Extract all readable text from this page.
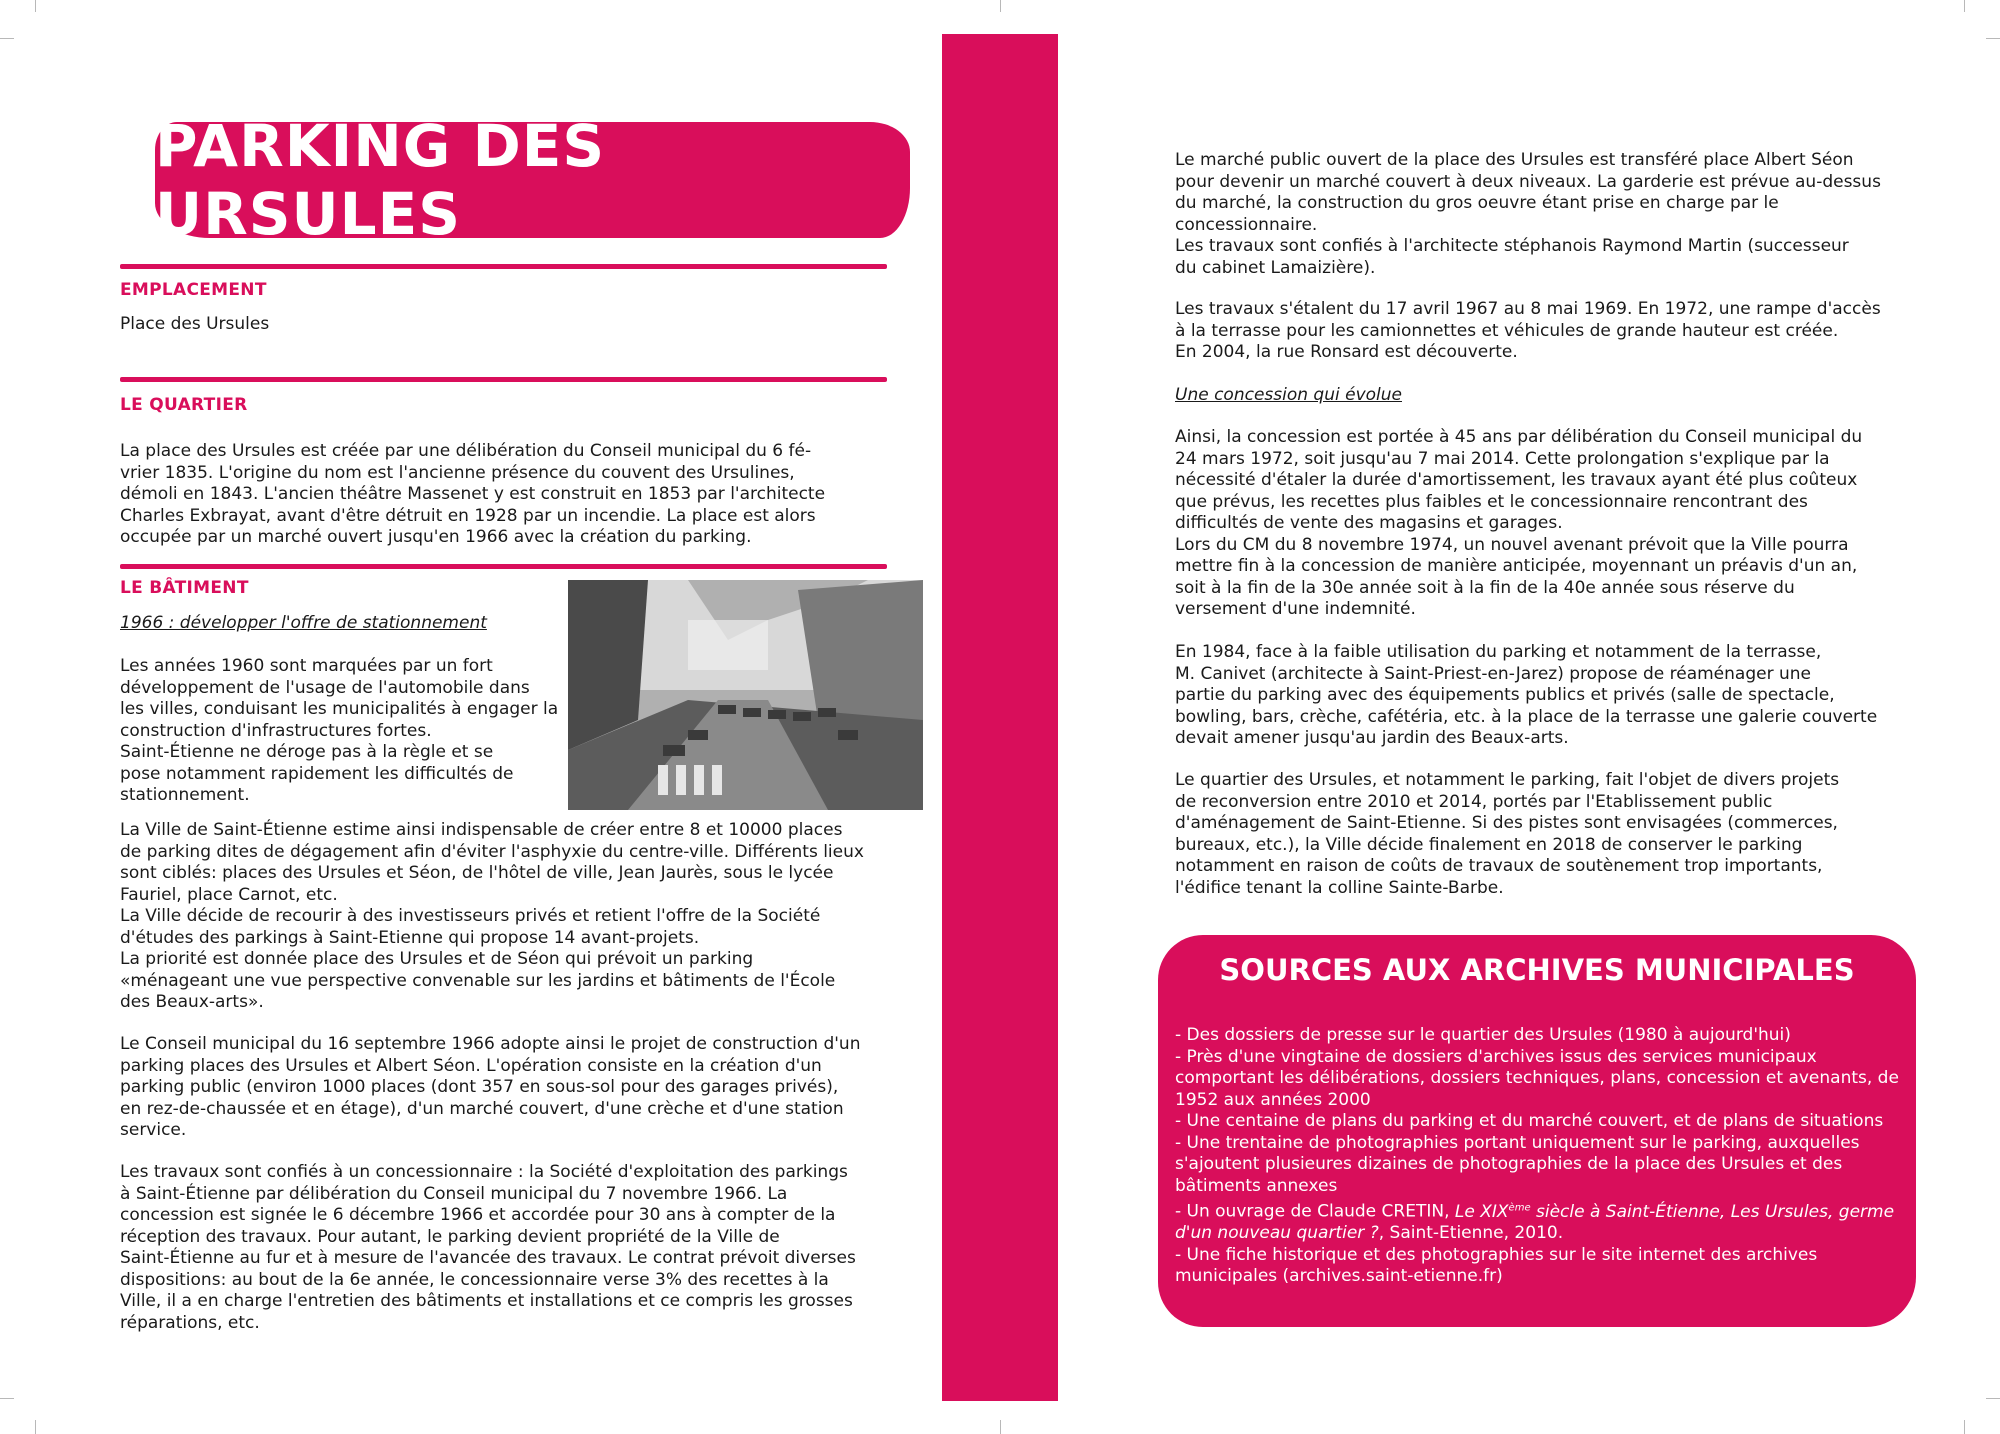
PARKING DES URSULES
EMPLACEMENT
Place des Ursules
LE QUARTIER
La place des Ursules est créée par une délibération du Conseil municipal du 6 fé-
vrier 1835. L'origine du nom est l'ancienne présence du couvent des Ursulines,
démoli en 1843. L'ancien théâtre Massenet y est construit en 1853 par l'architecte
Charles Exbrayat, avant d'être détruit en 1928 par un incendie. La place est alors
occupée par un marché ouvert jusqu'en 1966 avec la création du parking.
LE BÂTIMENT
1966 : développer l'offre de stationnement
Les années 1960 sont marquées par un fort
développement de l'usage de l'automobile dans
les villes, conduisant les municipalités à engager la
construction d'infrastructures fortes.
Saint-Étienne ne déroge pas à la règle et se
pose notamment rapidement les difficultés de
stationnement.
La Ville de Saint-Étienne estime ainsi indispensable de créer entre 8 et 10000 places
de parking dites de dégagement afin d'éviter l'asphyxie du centre-ville. Différents lieux
sont ciblés: places des Ursules et Séon, de l'hôtel de ville, Jean Jaurès, sous le lycée
Fauriel, place Carnot, etc.
La Ville décide de recourir à des investisseurs privés et retient l'offre de la Société
d'études des parkings à Saint-Etienne qui propose 14 avant-projets.
La priorité est donnée place des Ursules et de Séon qui prévoit un parking
«ménageant une vue perspective convenable sur les jardins et bâtiments de l'École
des Beaux-arts».
Le Conseil municipal du 16 septembre 1966 adopte ainsi le projet de construction d'un
parking places des Ursules et Albert Séon. L'opération consiste en la création d'un
parking public (environ 1000 places (dont 357 en sous-sol pour des garages privés),
en rez-de-chaussée et en étage), d'un marché couvert, d'une crèche et d'une station
service.
Les travaux sont confiés à un concessionnaire : la Société d'exploitation des parkings
à Saint-Étienne par délibération du Conseil municipal du 7 novembre 1966. La
concession est signée le 6 décembre 1966 et accordée pour 30 ans à compter de la
réception des travaux. Pour autant, le parking devient propriété de la Ville de
Saint-Étienne au fur et à mesure de l'avancée des travaux. Le contrat prévoit diverses
dispositions: au bout de la 6e année, le concessionnaire verse 3% des recettes à la
Ville, il a en charge l'entretien des bâtiments et installations et ce compris les grosses
réparations, etc.
Le marché public ouvert de la place des Ursules est transféré place Albert Séon
pour devenir un marché couvert à deux niveaux. La garderie est prévue au-dessus
du marché, la construction du gros oeuvre étant prise en charge par le
concessionnaire.
Les travaux sont confiés à l'architecte stéphanois Raymond Martin (successeur
du cabinet Lamaizière).
Les travaux s'étalent du 17 avril 1967 au 8 mai 1969. En 1972, une rampe d'accès
à la terrasse pour les camionnettes et véhicules de grande hauteur est créée.
En 2004, la rue Ronsard est découverte.
Une concession qui évolue
Ainsi, la concession est portée à 45 ans par délibération du Conseil municipal du
24 mars 1972, soit jusqu'au 7 mai 2014. Cette prolongation s'explique par la
nécessité d'étaler la durée d'amortissement, les travaux ayant été plus coûteux
que prévus, les recettes plus faibles et le concessionnaire rencontrant des
difficultés de vente des magasins et garages.
Lors du CM du 8 novembre 1974, un nouvel avenant prévoit que la Ville pourra
mettre fin à la concession de manière anticipée, moyennant un préavis d'un an,
soit à la fin de la 30e année soit à la fin de la 40e année sous réserve du
versement d'une indemnité.
En 1984, face à la faible utilisation du parking et notamment de la terrasse,
M. Canivet (architecte à Saint-Priest-en-Jarez) propose de réaménager une
partie du parking avec des équipements publics et privés (salle de spectacle,
bowling, bars, crèche, cafétéria, etc. à la place de la terrasse une galerie couverte
devait amener jusqu'au jardin des Beaux-arts.
Le quartier des Ursules, et notamment le parking, fait l'objet de divers projets
de reconversion entre 2010 et 2014, portés par l'Etablissement public
d'aménagement de Saint-Etienne. Si des pistes sont envisagées (commerces,
bureaux, etc.), la Ville décide finalement en 2018 de conserver le parking
notamment en raison de coûts de travaux de soutènement trop importants,
l'édifice tenant la colline Sainte-Barbe.
SOURCES AUX ARCHIVES MUNICIPALES

- Des dossiers de presse sur le quartier des Ursules (1980 à aujourd'hui)

- Près d'une vingtaine de dossiers d'archives issus des services municipaux comportant les délibérations, dossiers techniques, plans, concession et avenants, de 1952 aux années 2000

- Une centaine de plans du parking et du marché couvert, et de plans de situations

- Une trentaine de photographies portant uniquement sur le parking, auxquelles s'ajoutent plusieures dizaines de photographies de la place des Ursules et des bâtiments annexes

- Un ouvrage de Claude CRETIN, Le XIXème siècle à Saint-Étienne, Les Ursules, germe d'un nouveau quartier ?, Saint-Etienne, 2010.

- Une fiche historique et des photographies sur le site internet des archives municipales (archives.saint-etienne.fr)
